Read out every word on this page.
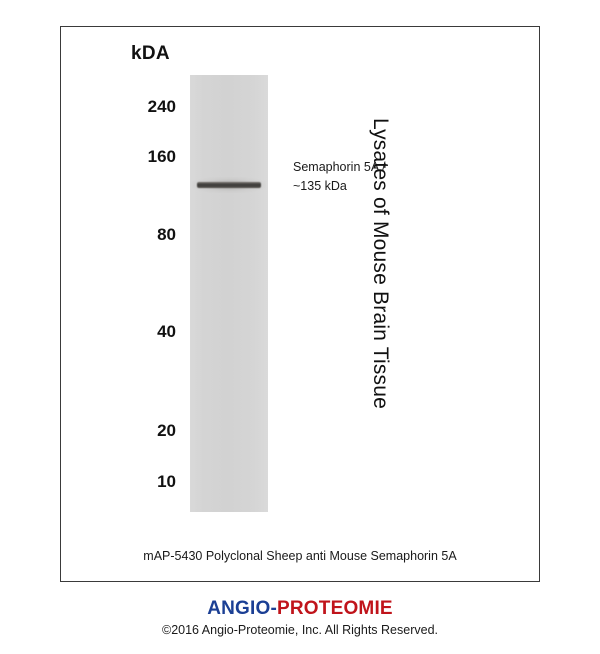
kDA
240
160
80
40
20
10
Semaphorin 5A /
~135 kDa	Lysates of Mouse Brain Tissue
mAP-5430 Polyclonal Sheep anti Mouse Semaphorin 5A
ANGIO-PROTEOMIE
©2016 Angio-Proteomie, Inc. All Rights Reserved.
